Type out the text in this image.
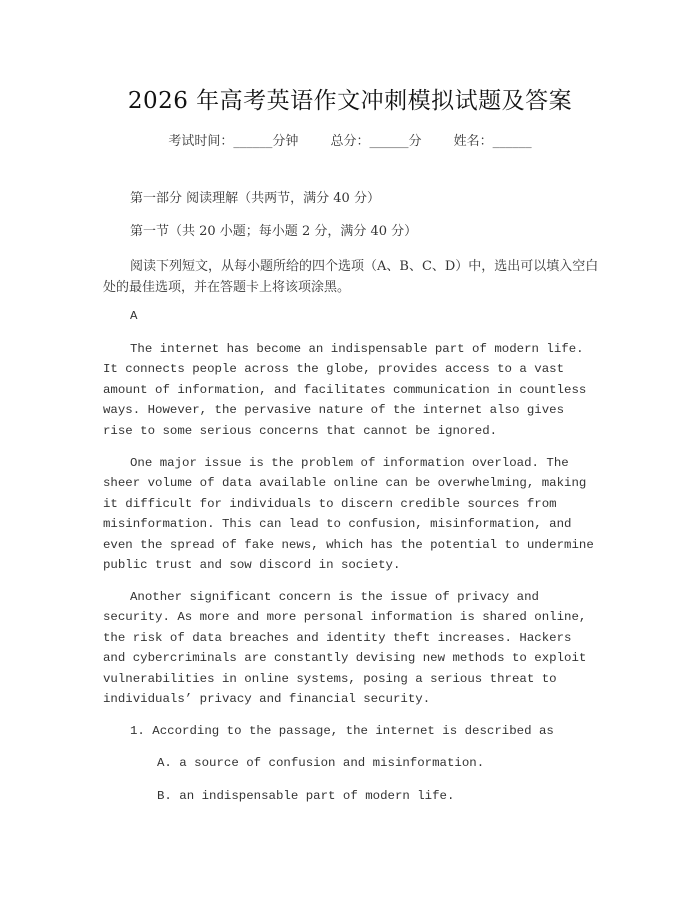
2026 年高考英语作文冲刺模拟试题及答案
考试时间：______分钟 总分：______分 姓名：______
第一部分 阅读理解（共两节，满分 40 分）
第一节（共 20 小题；每小题 2 分，满分 40 分）
阅读下列短文，从每小题所给的四个选项（A、B、C、D）中，选出可以填入空白处的最佳选项，并在答题卡上将该项涂黑。
A
The internet has become an indispensable part of modern life. It connects people across the globe, provides access to a vast amount of information, and facilitates communication in countless ways. However, the pervasive nature of the internet also gives rise to some serious concerns that cannot be ignored.
One major issue is the problem of information overload. The sheer volume of data available online can be overwhelming, making it difficult for individuals to discern credible sources from misinformation. This can lead to confusion, misinformation, and even the spread of fake news, which has the potential to undermine public trust and sow discord in society.
Another significant concern is the issue of privacy and security. As more and more personal information is shared online, the risk of data breaches and identity theft increases. Hackers and cybercriminals are constantly devising new methods to exploit vulnerabilities in online systems, posing a serious threat to individuals’ privacy and financial security.
1. According to the passage, the internet is described as
A. a source of confusion and misinformation.
B. an indispensable part of modern life.
